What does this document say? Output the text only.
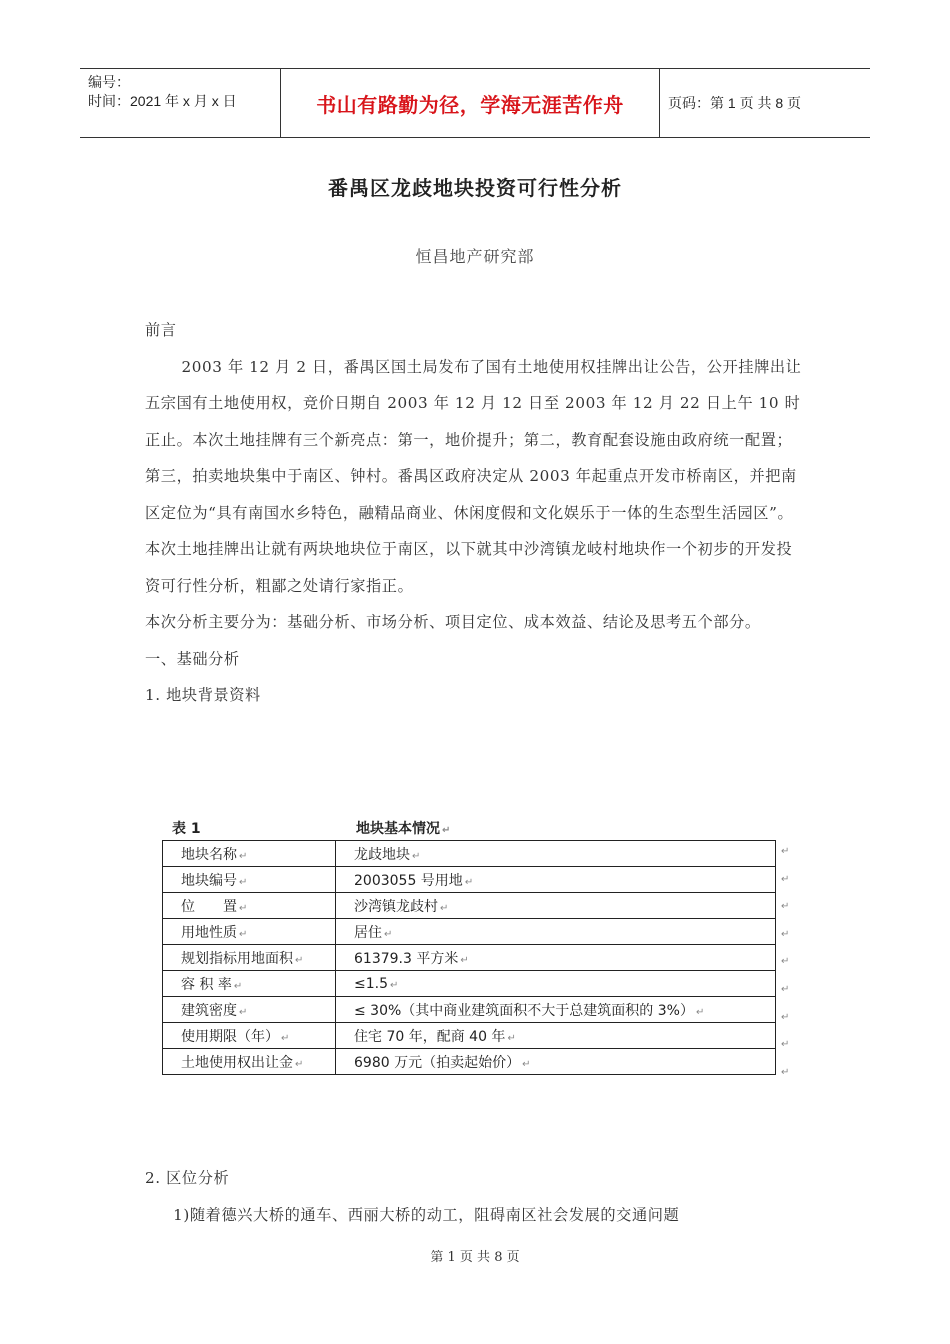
编号：
时间：2021 年 x 月 x 日	书山有路勤为径，学海无涯苦作舟	页码：第 1 页 共 8 页
番禺区龙歧地块投资可行性分析
恒昌地产研究部

前言

2003 年 12 月 2 日，番禺区国土局发布了国有土地使用权挂牌出让公告，公开挂牌出让五宗国有土地使用权，竞价日期自 2003 年 12 月 12 日至 2003 年 12 月 22 日上午 10 时正止。本次土地挂牌有三个新亮点：第一，地价提升；第二，教育配套设施由政府统一配置；第三，拍卖地块集中于南区、钟村。番禺区政府决定从 2003 年起重点开发市桥南区，并把南区定位为“具有南国水乡特色，融精品商业、休闲度假和文化娱乐于一体的生态型生活园区”。本次土地挂牌出让就有两块地块位于南区，以下就其中沙湾镇龙岐村地块作一个初步的开发投资可行性分析，粗鄙之处请行家指正。

本次分析主要分为：基础分析、市场分析、项目定位、成本效益、结论及思考五个部分。

一、基础分析

1. 地块背景资料

表 1	地块基本情况 ↵
地块名称 ↵	龙歧地块 ↵
地块编号 ↵	2003055 号用地 ↵
位　　置 ↵	沙湾镇龙歧村 ↵
用地性质 ↵	居住 ↵
规划指标用地面积 ↵	61379.3 平方米 ↵
容 积 率 ↵	≤1.5 ↵
建筑密度 ↵	≤ 30%（其中商业建筑面积不大于总建筑面积的 3%） ↵
使用期限（年） ↵	住宅 70 年，配商 40 年 ↵
土地使用权出让金 ↵	6980 万元（拍卖起始价） ↵

2. 区位分析

1)随着德兴大桥的通车、西丽大桥的动工，阻碍南区社会发展的交通问题

第 1 页 共 8 页
↵
↵
↵
↵
↵
↵
↵
↵
↵
